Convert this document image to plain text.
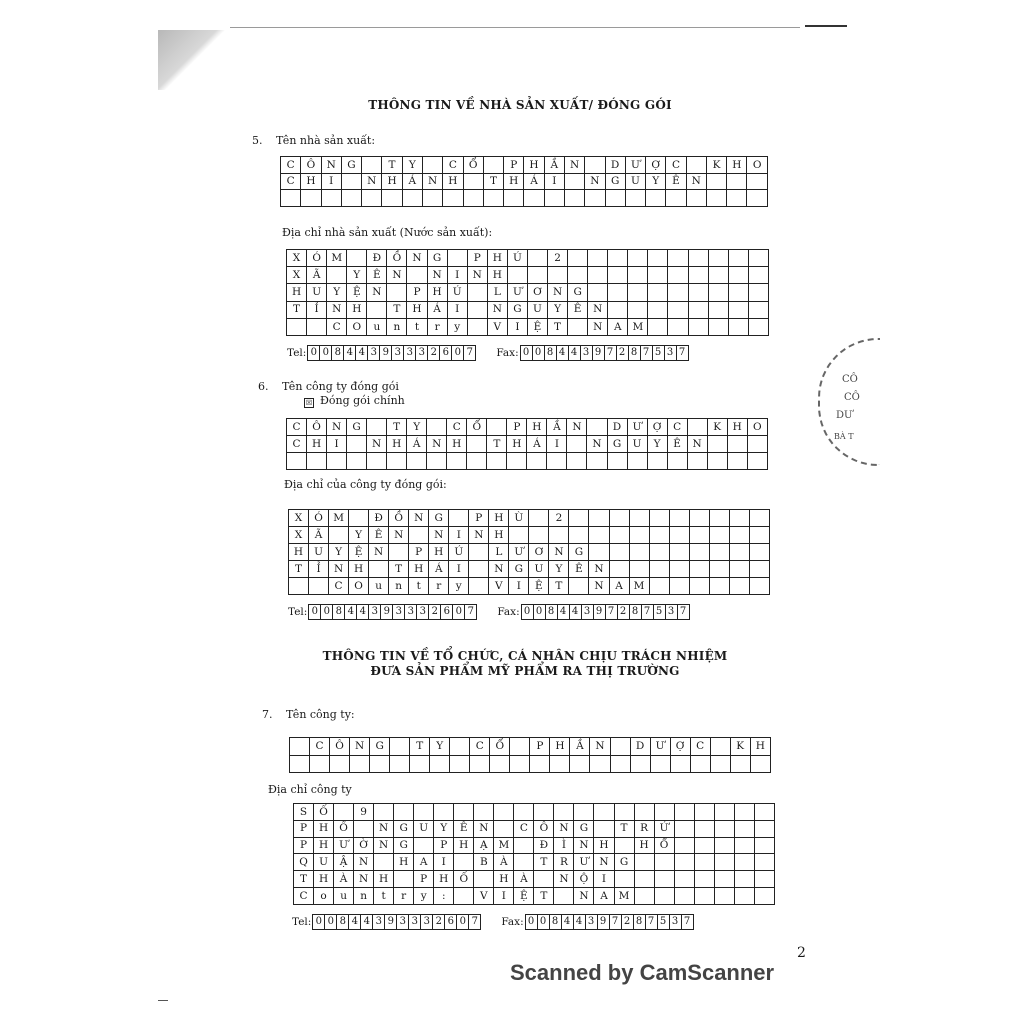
THÔNG TIN VỀ NHÀ SẢN XUẤT/ ĐÓNG GÓI
5. Tên nhà sản xuất:
C	Ô	N	G		T	Y		C	Ổ		P	H	Ầ	N		D	Ư	Ợ	C		K	H	O
C	H	I		N	H	Á	N	H		T	H	Á	I		N	G	U	Y	Ê	N			

Địa chỉ nhà sản xuất (Nước sản xuất):
X	Ó	M		Đ	Ồ	N	G		P	H	Ú		2										
X	Ã		Y	Ê	N		N	I	N	H													
H	U	Y	Ệ	N		P	H	Ú		L	Ư	Ơ	N	G									
T	Ỉ	N	H		T	H	Á	I		N	G	U	Y	Ê	N								
		C	O	u	n	t	r	y		V	I	Ệ	T		N	A	M						
Tel: 0 0 8 4 4 3 9 3 3 3 2 6 0 7	Fax: 0 0 8 4 4 3 9 7 2 8 7 5 3 7
6. Tên công ty đóng gói
☒ Đóng gói chính
C	Ô	N	G		T	Y		C	Ổ		P	H	Ầ	N		D	Ư	Ợ	C		K	H	O
C	H	I		N	H	Á	N	H		T	H	Á	I		N	G	U	Y	Ê	N			

Địa chỉ của công ty đóng gói:
X	Ó	M		Đ	Ồ	N	G		P	H	Ù		2										
X	Ã		Y	Ê	N		N	I	N	H													
H	U	Y	Ệ	N		P	H	Ú		L	Ư	Ơ	N	G									
T	Ỉ	N	H		T	H	Á	I		N	G	U	Y	Ê	N								
		C	O	u	n	t	r	y		V	I	Ệ	T		N	A	M						
Tel: 0 0 8 4 4 3 9 3 3 3 2 6 0 7	Fax: 0 0 8 4 4 3 9 7 2 8 7 5 3 7
THÔNG TIN VỀ TỔ CHỨC, CÁ NHÂN CHỊU TRÁCH NHIỆM
ĐƯA SẢN PHẨM MỸ PHẨM RA THỊ TRƯỜNG
7. Tên công ty:
	C	Ô	N	G		T	Y		C	Ổ		P	H	Ầ	N		D	Ư	Ợ	C		K	H

Địa chỉ công ty
S	Ố		9																				
P	H	Ố		N	G	U	Y	Ễ	N		C	Ô	N	G		T	R	Ứ					
P	H	Ư	Ờ	N	G		P	H	Ạ	M		Đ	Ì	N	H		H	Ổ					
Q	U	Ậ	N		H	A	I		B	À		T	R	Ư	N	G							
T	H	À	N	H		P	H	Ố		H	À		N	Ộ	I								
C	o	u	n	t	r	y	:		V	I	Ệ	T		N	A	M							
Tel: 0 0 8 4 4 3 9 3 3 3 2 6 0 7	Fax: 0 0 8 4 4 3 9 7 2 8 7 5 3 7
CÔ
CÔ
DƯ
BÀ T
2
Scanned by CamScanner
